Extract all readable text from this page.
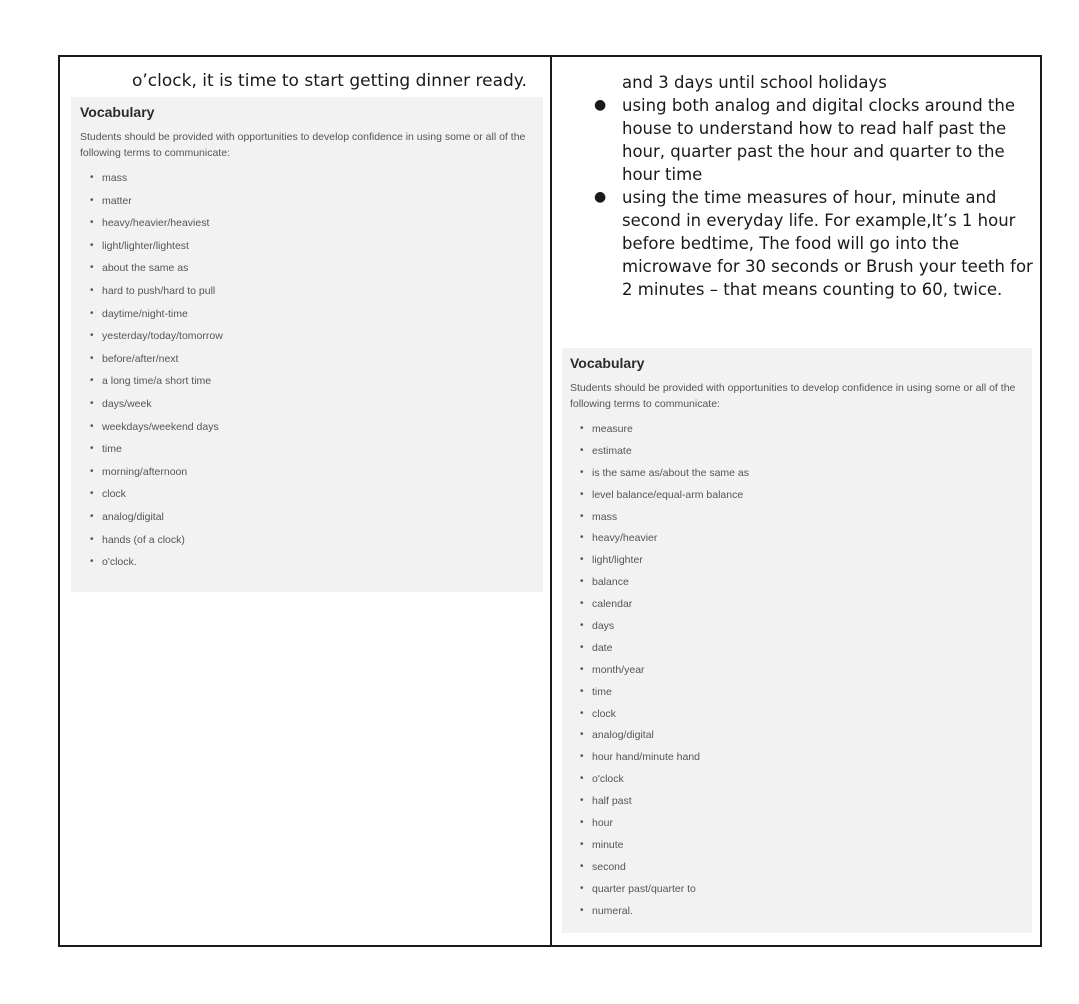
o’clock, it is time to start getting dinner ready.
Vocabulary
Students should be provided with opportunities to develop confidence in using some or all of the following terms to communicate:
• mass
• matter
• heavy/heavier/heaviest
• light/lighter/lightest
• about the same as
• hard to push/hard to pull
• daytime/night-time
• yesterday/today/tomorrow
• before/after/next
• a long time/a short time
• days/week
• weekdays/weekend days
• time
• morning/afternoon
• clock
• analog/digital
• hands (of a clock)
• o'clock.
and 3 days until school holidays
● using both analog and digital clocks around the house to understand how to read half past the hour, quarter past the hour and quarter to the hour time
● using the time measures of hour, minute and second in everyday life. For example,It’s 1 hour before bedtime, The food will go into the microwave for 30 seconds or Brush your teeth for 2 minutes – that means counting to 60, twice.
Vocabulary
Students should be provided with opportunities to develop confidence in using some or all of the following terms to communicate:
• measure
• estimate
• is the same as/about the same as
• level balance/equal-arm balance
• mass
• heavy/heavier
• light/lighter
• balance
• calendar
• days
• date
• month/year
• time
• clock
• analog/digital
• hour hand/minute hand
• o'clock
• half past
• hour
• minute
• second
• quarter past/quarter to
• numeral.
